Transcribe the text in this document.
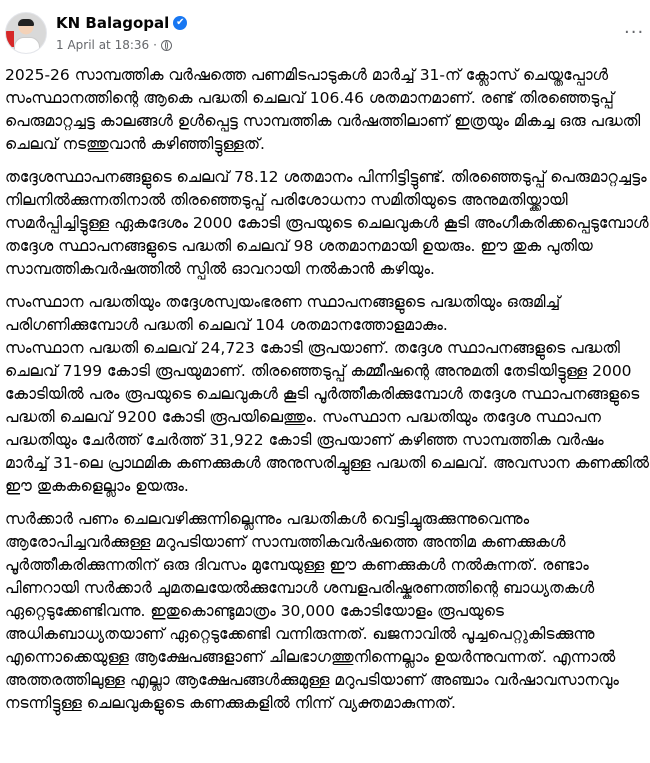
KN Balagopal ✔
1 April at 18:36 ·
···

2025-26 സാമ്പത്തിക വർഷത്തെ പണമിടപാടുകൾ മാർച്ച് 31-ന് ക്ലോസ് ചെയ്തപ്പോൾ സംസ്ഥാനത്തിന്റെ ആകെ പദ്ധതി ചെലവ് 106.46 ശതമാനമാണ്. രണ്ട് തിരഞ്ഞെടുപ്പ് പെരുമാറ്റച്ചട്ട കാലങ്ങൾ ഉൾപ്പെട്ട സാമ്പത്തിക വർഷത്തിലാണ് ഇത്രയും മികച്ച ഒരു പദ്ധതി ചെലവ് നടത്തുവാൻ കഴിഞ്ഞിട്ടുള്ളത്.

തദ്ദേശസ്ഥാപനങ്ങളുടെ ചെലവ് 78.12 ശതമാനം പിന്നിട്ടിട്ടുണ്ട്. തിരഞ്ഞെടുപ്പ് പെരുമാറ്റച്ചട്ടം നിലനിൽക്കുന്നതിനാൽ തിരഞ്ഞെടുപ്പ് പരിശോധനാ സമിതിയുടെ അനുമതിയ്ക്കായി സമർപ്പിച്ചിട്ടുള്ള ഏകദേശം 2000 കോടി രൂപയുടെ ചെലവുകൾ കൂടി അംഗീകരിക്കപ്പെടുമ്പോൾ തദ്ദേശ സ്ഥാപനങ്ങളുടെ പദ്ധതി ചെലവ് 98 ശതമാനമായി ഉയരും. ഈ തുക പുതിയ സാമ്പത്തികവർഷത്തിൽ സ്പിൽ ഓവറായി നൽകാൻ കഴിയും.

സംസ്ഥാന പദ്ധതിയും തദ്ദേശസ്വയംഭരണ സ്ഥാപനങ്ങളുടെ പദ്ധതിയും ഒരുമിച്ച് പരിഗണിക്കുമ്പോൾ പദ്ധതി ചെലവ് 104 ശതമാനത്തോളമാകും.
സംസ്ഥാന പദ്ധതി ചെലവ് 24,723 കോടി രൂപയാണ്. തദ്ദേശ സ്ഥാപനങ്ങളുടെ പദ്ധതി ചെലവ് 7199 കോടി രൂപയുമാണ്. തിരഞ്ഞെടുപ്പ് കമ്മീഷന്റെ അനുമതി തേടിയിട്ടുള്ള 2000 കോടിയിൽ പരം രൂപയുടെ ചെലവുകൾ കൂടി പൂർത്തീകരിക്കുമ്പോൾ തദ്ദേശ സ്ഥാപനങ്ങളുടെ പദ്ധതി ചെലവ് 9200 കോടി രൂപയിലെത്തും. സംസ്ഥാന പദ്ധതിയും തദ്ദേശ സ്ഥാപന പദ്ധതിയും ചേർത്ത് ചേർത്ത് 31,922 കോടി രൂപയാണ് കഴിഞ്ഞ സാമ്പത്തിക വർഷം മാർച്ച് 31-ലെ പ്രാഥമിക കണക്കുകൾ അനുസരിച്ചുള്ള പദ്ധതി ചെലവ്. അവസാന കണക്കിൽ ഈ തുകകളെല്ലാം ഉയരും.

സർക്കാർ പണം ചെലവഴിക്കുന്നില്ലെന്നും പദ്ധതികൾ വെട്ടിച്ചുരുക്കുന്നുവെന്നും ആരോപിച്ചവർക്കുള്ള മറുപടിയാണ് സാമ്പത്തികവർഷത്തെ അന്തിമ കണക്കുകൾ പൂർത്തീകരിക്കുന്നതിന് ഒരു ദിവസം മുമ്പേയുള്ള ഈ കണക്കുകൾ നൽകുന്നത്. രണ്ടാം പിണറായി സർക്കാർ ചുമതലയേൽക്കുമ്പോൾ ശമ്പളപരിഷ്കരണത്തിന്റെ ബാധ്യതകൾ ഏറ്റെടുക്കേണ്ടിവന്നു. ഇതുകൊണ്ടുമാത്രം 30,000 കോടിയോളം രൂപയുടെ അധികബാധ്യതയാണ് ഏറ്റെടുക്കേണ്ടി വന്നിരുന്നത്. ഖജനാവിൽ പൂച്ചപെറ്റുകിടക്കുന്നു എന്നൊക്കെയുള്ള ആക്ഷേപങ്ങളാണ് ചിലഭാഗത്തുനിന്നെല്ലാം ഉയർന്നുവന്നത്. എന്നാൽ അത്തരത്തിലുള്ള എല്ലാ ആക്ഷേപങ്ങൾക്കുമുള്ള മറുപടിയാണ് അഞ്ചാം വർഷാവസാനവും നടന്നിട്ടുള്ള ചെലവുകളുടെ കണക്കുകളിൽ നിന്ന് വ്യക്തമാകുന്നത്.
